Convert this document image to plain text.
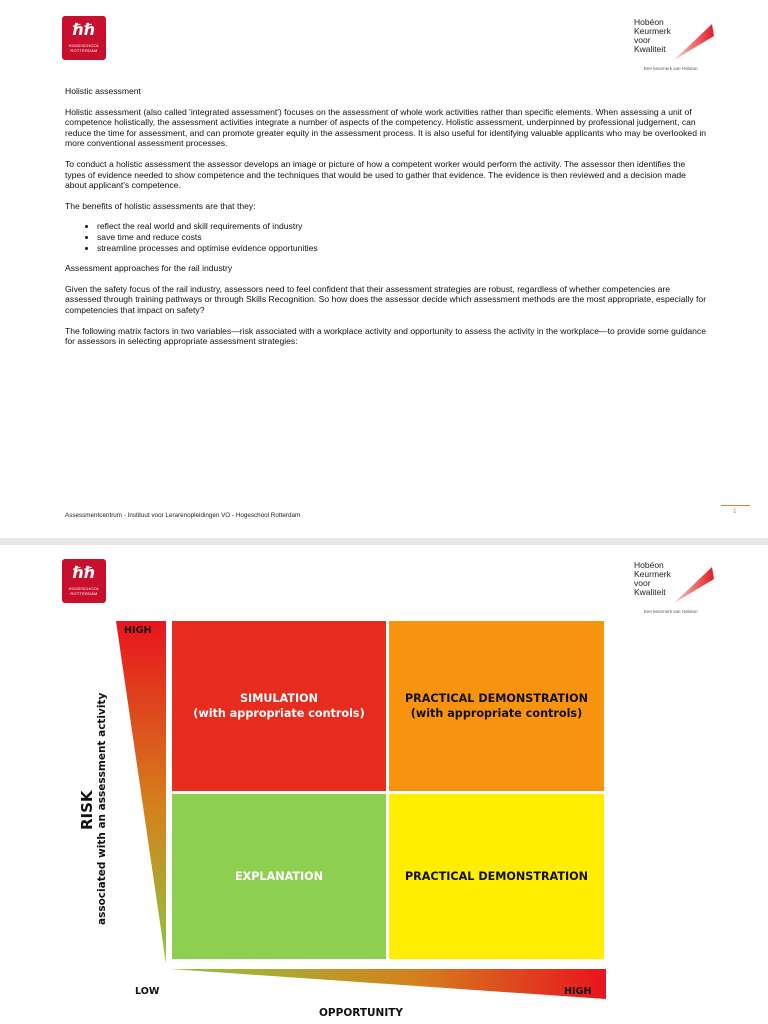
ℏℏ
HOGESCHOOL
ROTTERDAM
Hobéon
Keurmerk
voor
Kwaliteit
Een keurmerk van Hobéon

Holistic assessment

Holistic assessment (also called 'integrated assessment') focuses on the assessment of whole work activities rather than specific elements. When assessing a unit of competence holistically, the assessment activities integrate a number of aspects of the competency. Holistic assessment, underpinned by professional judgement, can reduce the time for assessment, and can promote greater equity in the assessment process. It is also useful for identifying valuable applicants who may be overlooked in more conventional assessment processes.

To conduct a holistic assessment the assessor develops an image or picture of how a competent worker would perform the activity. The assessor then identifies the types of evidence needed to show competence and the techniques that would be used to gather that evidence. The evidence is then reviewed and a decision made about applicant's competence.

The benefits of holistic assessments are that they:

• reflect the real world and skill requirements of industry
• save time and reduce costs
• streamline processes and optimise evidence opportunities

Assessment approaches for the rail industry

Given the safety focus of the rail industry, assessors need to feel confident that their assessment strategies are robust, regardless of whether competencies are assessed through training pathways or through Skills Recognition. So how does the assessor decide which assessment methods are the most appropriate, especially for competencies that impact on safety?

The following matrix factors in two variables—risk associated with a workplace activity and opportunity to assess the activity in the workplace—to provide some guidance for assessors in selecting appropriate assessment strategies:

Assessmentcentrum - Instituut voor Lerarenopleidingen VO - Hogeschool Rotterdam
1
ℏℏ
HOGESCHOOL
ROTTERDAM
Hobéon
Keurmerk
voor
Kwaliteit
Een keurmerk van Hobéon
HIGH
SIMULATION
(with appropriate controls)
PRACTICAL DEMONSTRATION
(with appropriate controls)
EXPLANATION	PRACTICAL DEMONSTRATION
RISK associated with an assessment activity
LOW	HIGH
OPPORTUNITY
